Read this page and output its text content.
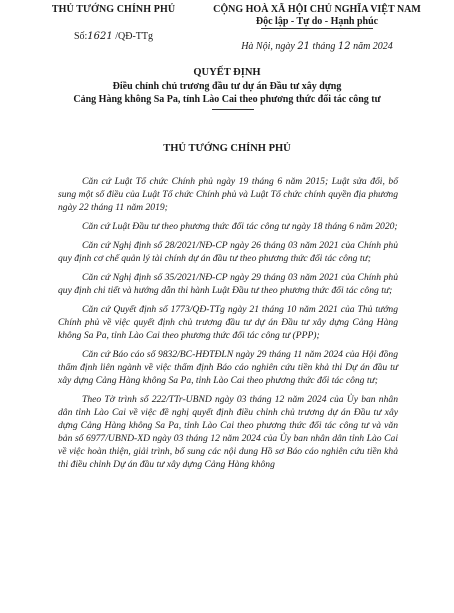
THỦ TƯỚNG CHÍNH PHỦ
Số:1621 /QĐ-TTg
CỘNG HOÀ XÃ HỘI CHỦ NGHĨA VIỆT NAM
Độc lập - Tự do - Hạnh phúc
Hà Nội, ngày 21 tháng 12 năm 2024
QUYẾT ĐỊNH
Điều chỉnh chủ trương đầu tư dự án Đầu tư xây dựng
Cảng Hàng không Sa Pa, tỉnh Lào Cai theo phương thức đối tác công tư
THỦ TƯỚNG CHÍNH PHỦ

Căn cứ Luật Tổ chức Chính phủ ngày 19 tháng 6 năm 2015; Luật sửa đổi, bổ sung một số điều của Luật Tổ chức Chính phủ và Luật Tổ chức chính quyền địa phương ngày 22 tháng 11 năm 2019;

Căn cứ Luật Đầu tư theo phương thức đối tác công tư ngày 18 tháng 6 năm 2020;

Căn cứ Nghị định số 28/2021/NĐ-CP ngày 26 tháng 03 năm 2021 của Chính phủ quy định cơ chế quản lý tài chính dự án đầu tư theo phương thức đối tác công tư;

Căn cứ Nghị định số 35/2021/NĐ-CP ngày 29 tháng 03 năm 2021 của Chính phủ quy định chi tiết và hướng dẫn thi hành Luật Đầu tư theo phương thức đối tác công tư;

Căn cứ Quyết định số 1773/QĐ-TTg ngày 21 tháng 10 năm 2021 của Thủ tướng Chính phủ về việc quyết định chủ trương đầu tư dự án Đầu tư xây dựng Cảng Hàng không Sa Pa, tỉnh Lào Cai theo phương thức đối tác công tư (PPP);

Căn cứ Báo cáo số 9832/BC-HĐTĐLN ngày 29 tháng 11 năm 2024 của Hội đồng thẩm định liên ngành về việc thẩm định Báo cáo nghiên cứu tiền khả thi Dự án đầu tư xây dựng Cảng Hàng không Sa Pa, tỉnh Lào Cai theo phương thức đối tác công tư;

Theo Tờ trình số 222/TTr-UBND ngày 03 tháng 12 năm 2024 của Ủy ban nhân dân tỉnh Lào Cai về việc đề nghị quyết định điều chỉnh chủ trương dự án Đầu tư xây dựng Cảng Hàng không Sa Pa, tỉnh Lào Cai theo phương thức đối tác công tư và văn bản số 6977/UBND-XD ngày 03 tháng 12 năm 2024 của Ủy ban nhân dân tỉnh Lào Cai về việc hoàn thiện, giải trình, bổ sung các nội dung Hồ sơ Báo cáo nghiên cứu tiền khả thi điều chỉnh Dự án đầu tư xây dựng Cảng Hàng không
